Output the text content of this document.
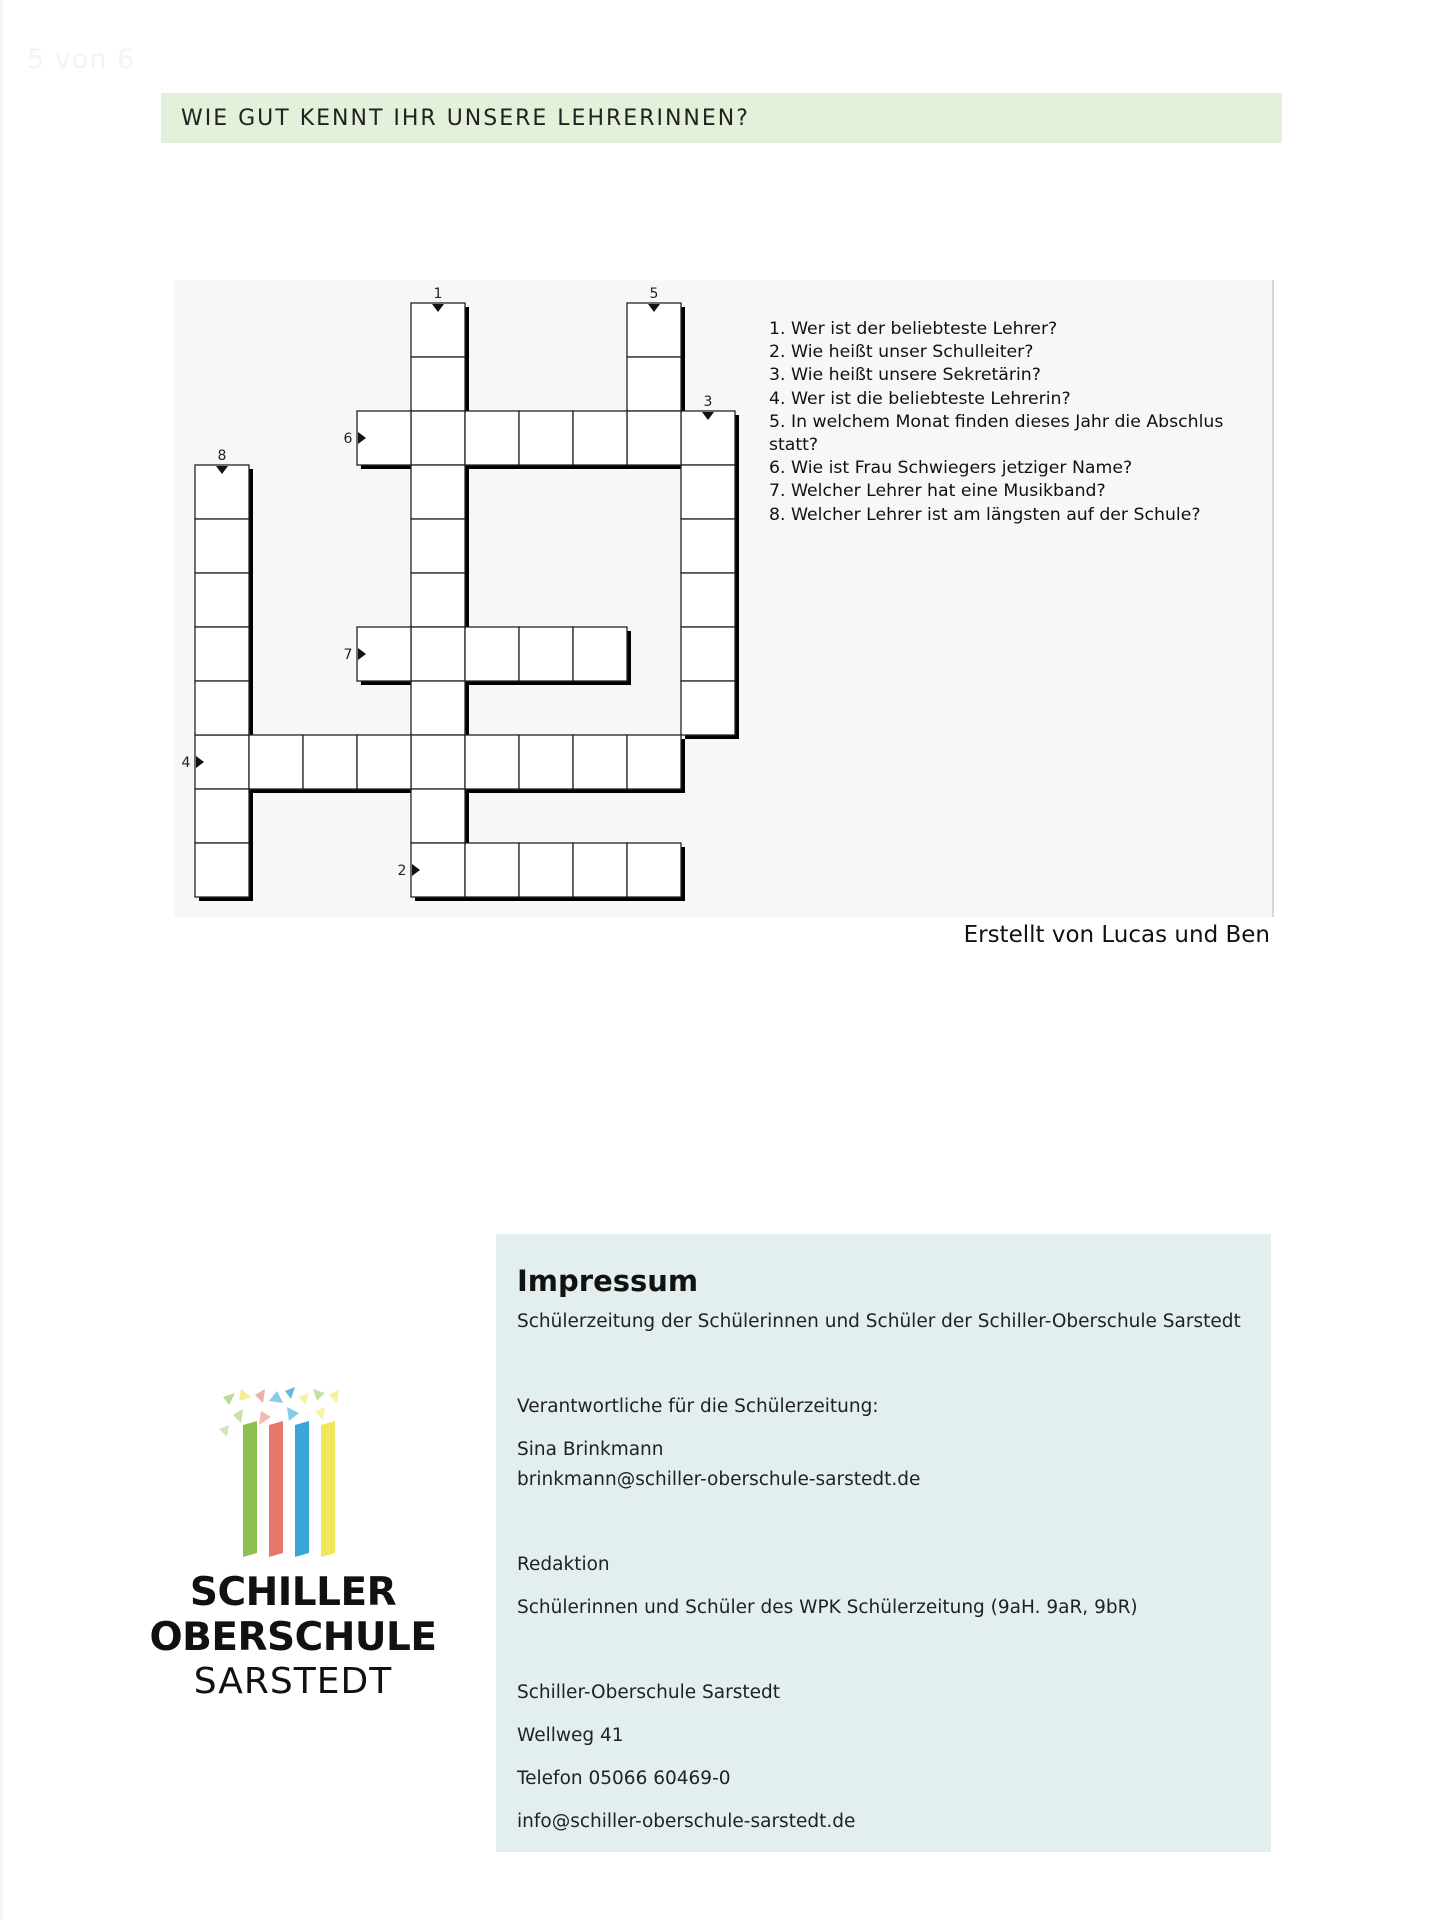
5 von 6
WIE GUT KENNT IHR UNSERE LEHRERINNEN?
1
2
3
4
5
6
7
8
1. Wer ist der beliebteste Lehrer?
2. Wie heißt unser Schulleiter?
3. Wie heißt unsere Sekretärin?
4. Wer ist die beliebteste Lehrerin?
5. In welchem Monat finden dieses Jahr die Abschlus
statt?
6. Wie ist Frau Schwiegers jetziger Name?
7. Welcher Lehrer hat eine Musikband?
8. Welcher Lehrer ist am längsten auf der Schule?
Erstellt von Lucas und Ben
SCHILLER
OBERSCHULE
SARSTEDT
Impressum
Schülerzeitung der Schülerinnen und Schüler der Schiller-Oberschule Sarstedt
Verantwortliche für die Schülerzeitung:
Sina Brinkmann
brinkmann@schiller-oberschule-sarstedt.de
Redaktion
Schülerinnen und Schüler des WPK Schülerzeitung (9aH. 9aR, 9bR)
Schiller-Oberschule Sarstedt
Wellweg 41
Telefon 05066 60469-0
info@schiller-oberschule-sarstedt.de
